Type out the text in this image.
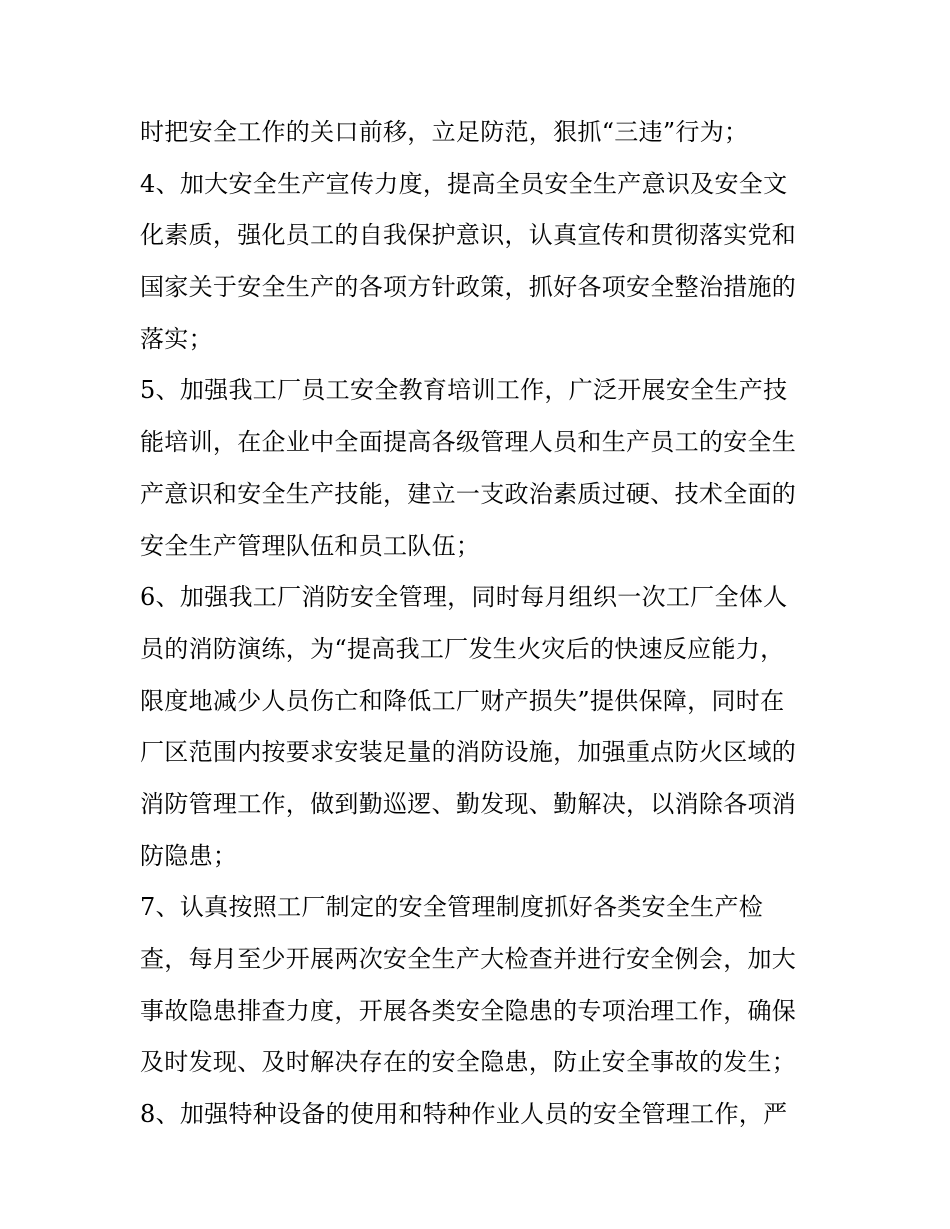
时把安全工作的关口前移，立足防范，狠抓“三违”行为；
4、加大安全生产宣传力度，提高全员安全生产意识及安全文
化素质，强化员工的自我保护意识，认真宣传和贯彻落实党和
国家关于安全生产的各项方针政策，抓好各项安全整治措施的
落实；
5、加强我工厂员工安全教育培训工作，广泛开展安全生产技
能培训，在企业中全面提高各级管理人员和生产员工的安全生
产意识和安全生产技能，建立一支政治素质过硬、技术全面的
安全生产管理队伍和员工队伍；
6、加强我工厂消防安全管理，同时每月组织一次工厂全体人
员的消防演练，为“提高我工厂发生火灾后的快速反应能力，
限度地减少人员伤亡和降低工厂财产损失”提供保障，同时在
厂区范围内按要求安装足量的消防设施，加强重点防火区域的
消防管理工作，做到勤巡逻、勤发现、勤解决，以消除各项消
防隐患；
7、认真按照工厂制定的安全管理制度抓好各类安全生产检
查，每月至少开展两次安全生产大检查并进行安全例会，加大
事故隐患排查力度，开展各类安全隐患的专项治理工作，确保
及时发现、及时解决存在的安全隐患，防止安全事故的发生；
8、加强特种设备的使用和特种作业人员的安全管理工作，严
